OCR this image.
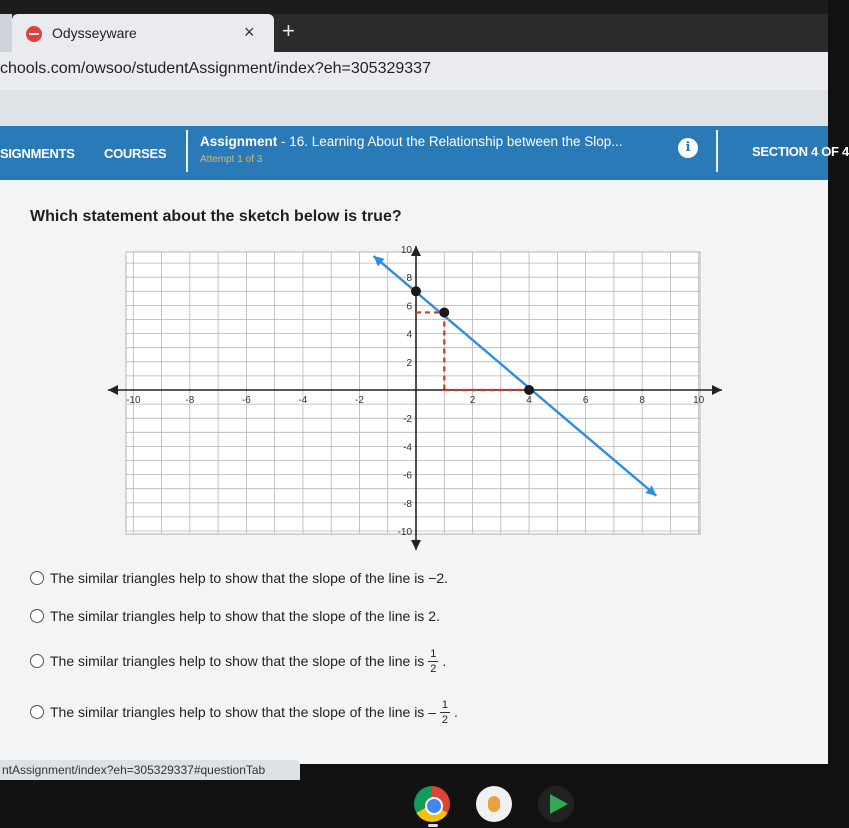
Odysseyware	× +
chools.com/owsoo/studentAssignment/index?eh=305329337
SIGNMENTS COURSES
Assignment - 16. Learning About the Relationship between the Slop...
Attempt 1 of 3
i	SECTION 4 OF 4
Which statement about the sketch below is true?
-10	-8	-6	-4	-2	2	4	6	8	10
10
8
6
4
2
-2
-4
-6
-8
-10
The similar triangles help to show that the slope of the line is −2.
The similar triangles help to show that the slope of the line is 2.
The similar triangles help to show that the slope of the line is $\frac{1}{2}$ .
The similar triangles help to show that the slope of the line is – $\frac{1}{2}$ .
ntAssignment/index?eh=305329337#questionTab
